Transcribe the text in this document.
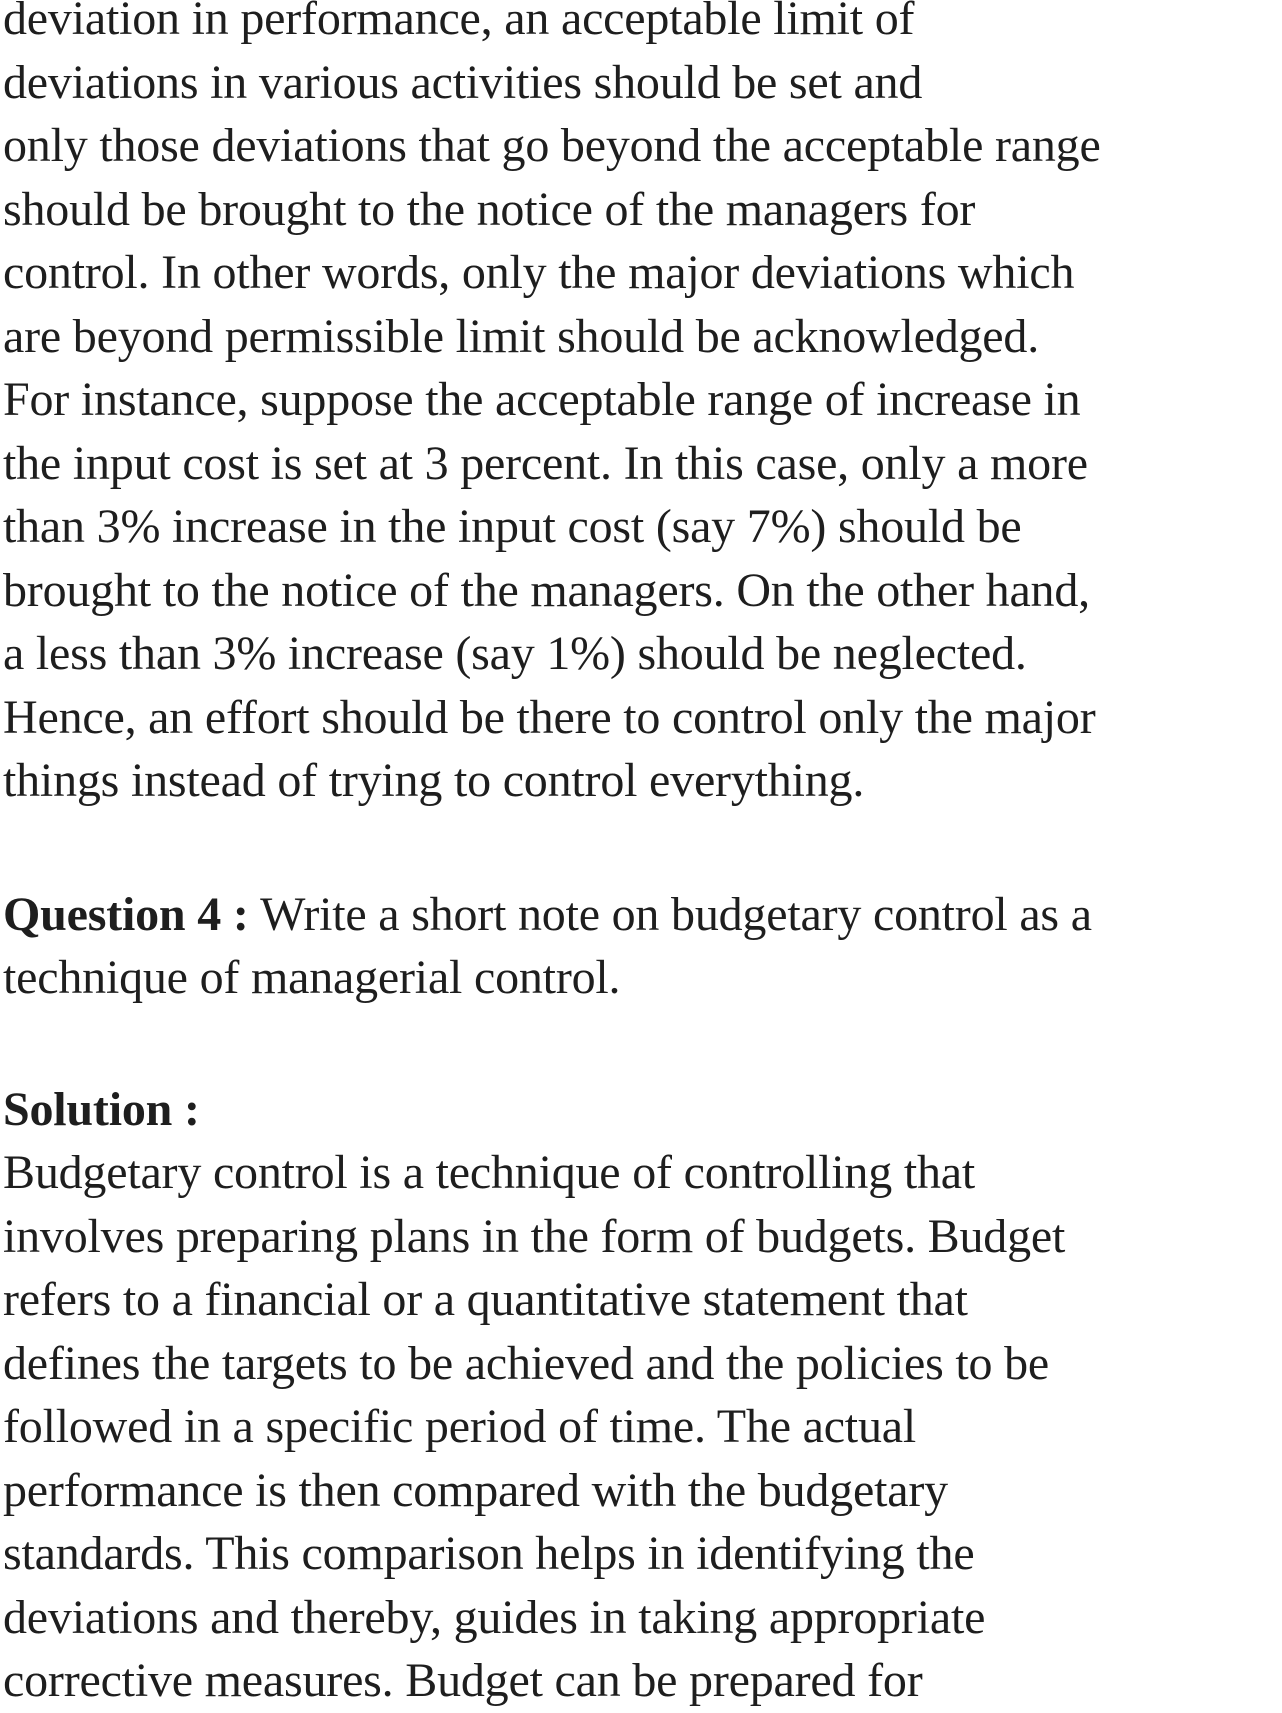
deviation in performance, an acceptable limit of
deviations in various activities should be set and
only those deviations that go beyond the acceptable range
should be brought to the notice of the managers for
control. In other words, only the major deviations which
are beyond permissible limit should be acknowledged.
For instance, suppose the acceptable range of increase in
the input cost is set at 3 percent. In this case, only a more
than 3% increase in the input cost (say 7%) should be
brought to the notice of the managers. On the other hand,
a less than 3% increase (say 1%) should be neglected.
Hence, an effort should be there to control only the major
things instead of trying to control everything.
Question 4 : Write a short note on budgetary control as a
technique of managerial control.
Solution :
Budgetary control is a technique of controlling that
involves preparing plans in the form of budgets. Budget
refers to a financial or a quantitative statement that
defines the targets to be achieved and the policies to be
followed in a specific period of time. The actual
performance is then compared with the budgetary
standards. This comparison helps in identifying the
deviations and thereby, guides in taking appropriate
corrective measures. Budget can be prepared for
